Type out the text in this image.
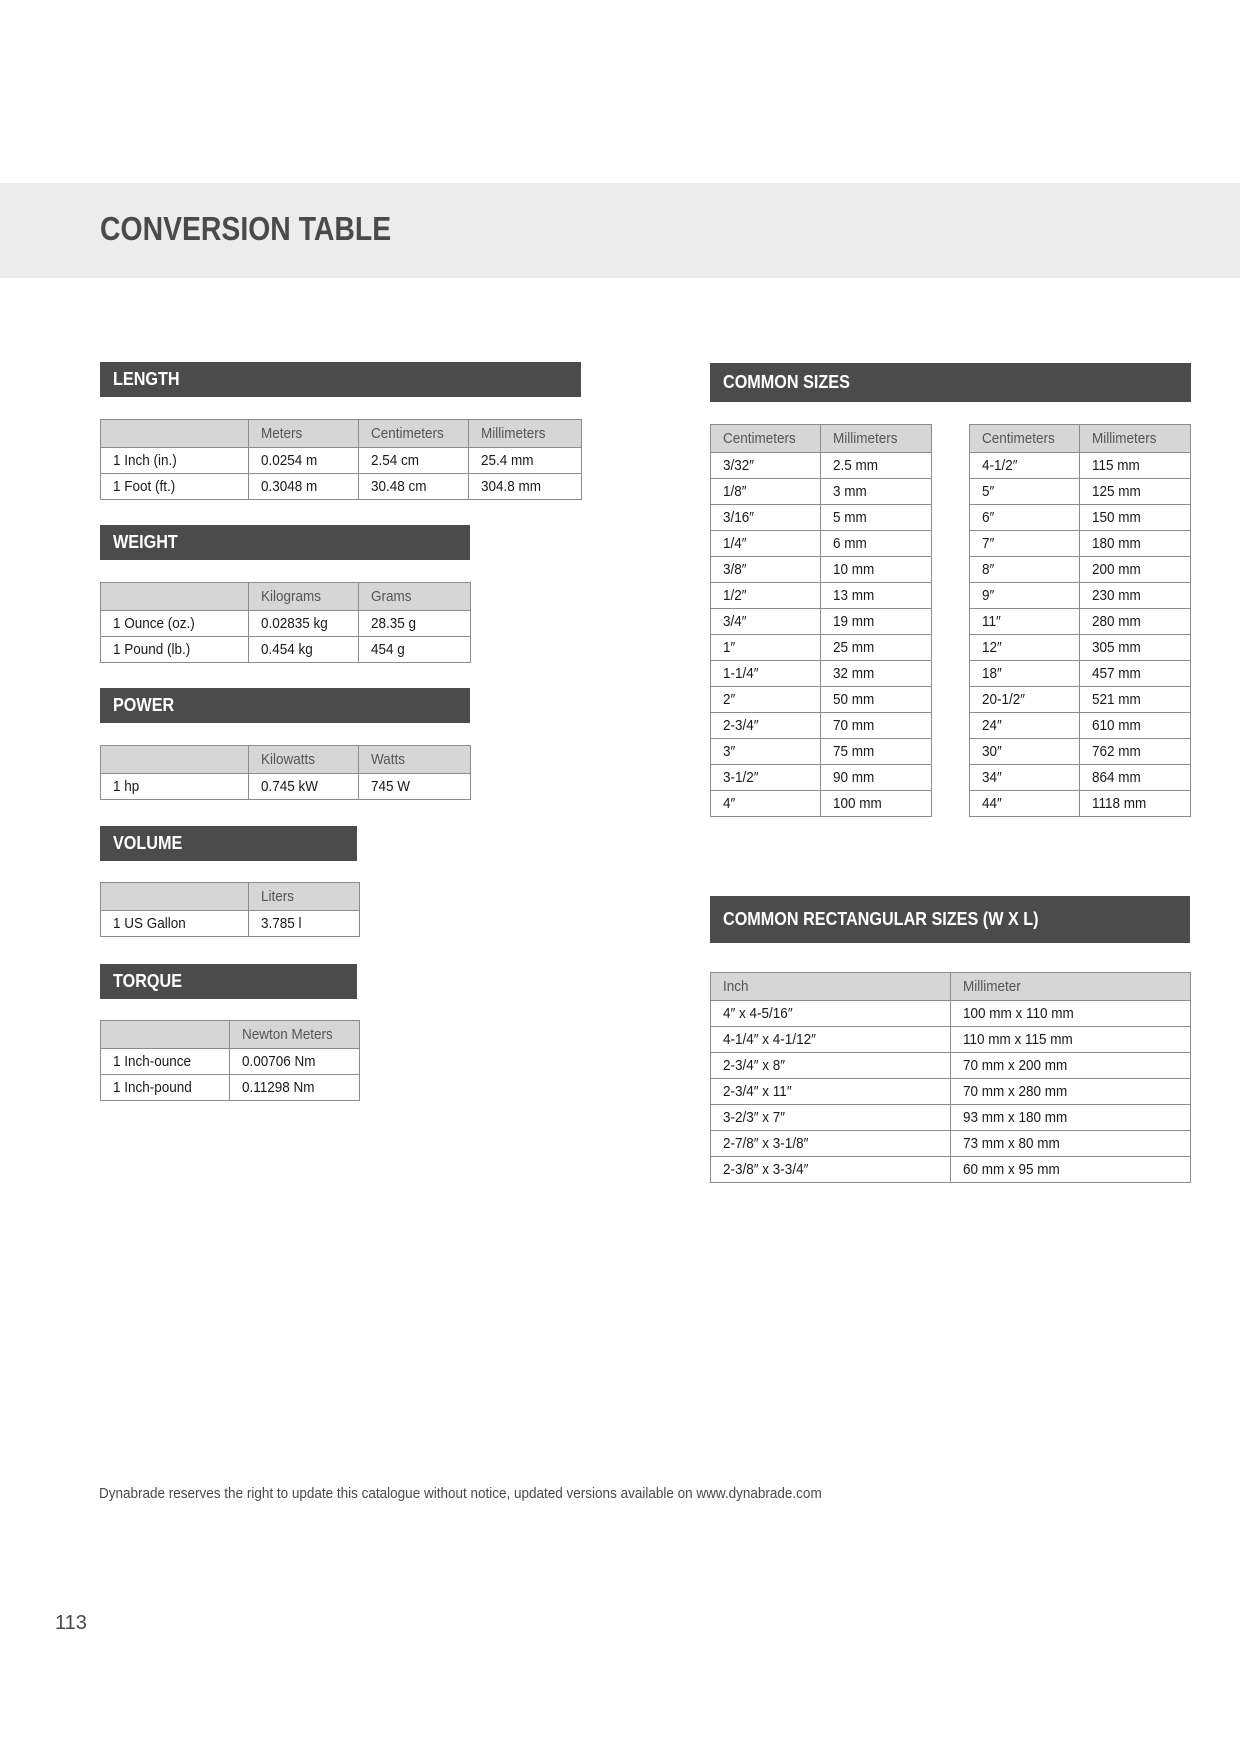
CONVERSION TABLE
LENGTH
	Meters	Centimeters	Millimeters
1 Inch (in.)	0.0254 m	2.54 cm	25.4 mm
1 Foot (ft.)	0.3048 m	30.48 cm	304.8 mm
WEIGHT
	Kilograms	Grams
1 Ounce (oz.)	0.02835 kg	28.35 g
1 Pound (lb.)	0.454 kg	454 g
POWER
	Kilowatts	Watts
1 hp	0.745 kW	745 W
VOLUME
	Liters
1 US Gallon	3.785 l
TORQUE
	Newton Meters
1 Inch-ounce	0.00706 Nm
1 Inch-pound	0.11298 Nm
COMMON SIZES
Centimeters	Millimeters
3/32″	2.5 mm
1/8″	3 mm
3/16″	5 mm
1/4″	6 mm
3/8″	10 mm
1/2″	13 mm
3/4″	19 mm
1″	25 mm
1-1/4″	32 mm
2″	50 mm
2-3/4″	70 mm
3″	75 mm
3-1/2″	90 mm
4″	100 mm
Centimeters	Millimeters
4-1/2″	115 mm
5″	125 mm
6″	150 mm
7″	180 mm
8″	200 mm
9″	230 mm
11″	280 mm
12″	305 mm
18″	457 mm
20-1/2″	521 mm
24″	610 mm
30″	762 mm
34″	864 mm
44″	1118 mm
COMMON RECTANGULAR SIZES (W X L)
Inch	Millimeter
4″ x 4-5/16″	100 mm x 110 mm
4-1/4″ x 4-1/12″	110 mm x 115 mm
2-3/4″ x 8″	70 mm x 200 mm
2-3/4″ x 11″	70 mm x 280 mm
3-2/3″ x 7″	93 mm x 180 mm
2-7/8″ x 3-1/8″	73 mm x 80 mm
2-3/8″ x 3-3/4″	60 mm x 95 mm
Dynabrade reserves the right to update this catalogue without notice, updated versions available on www.dynabrade.com
113
